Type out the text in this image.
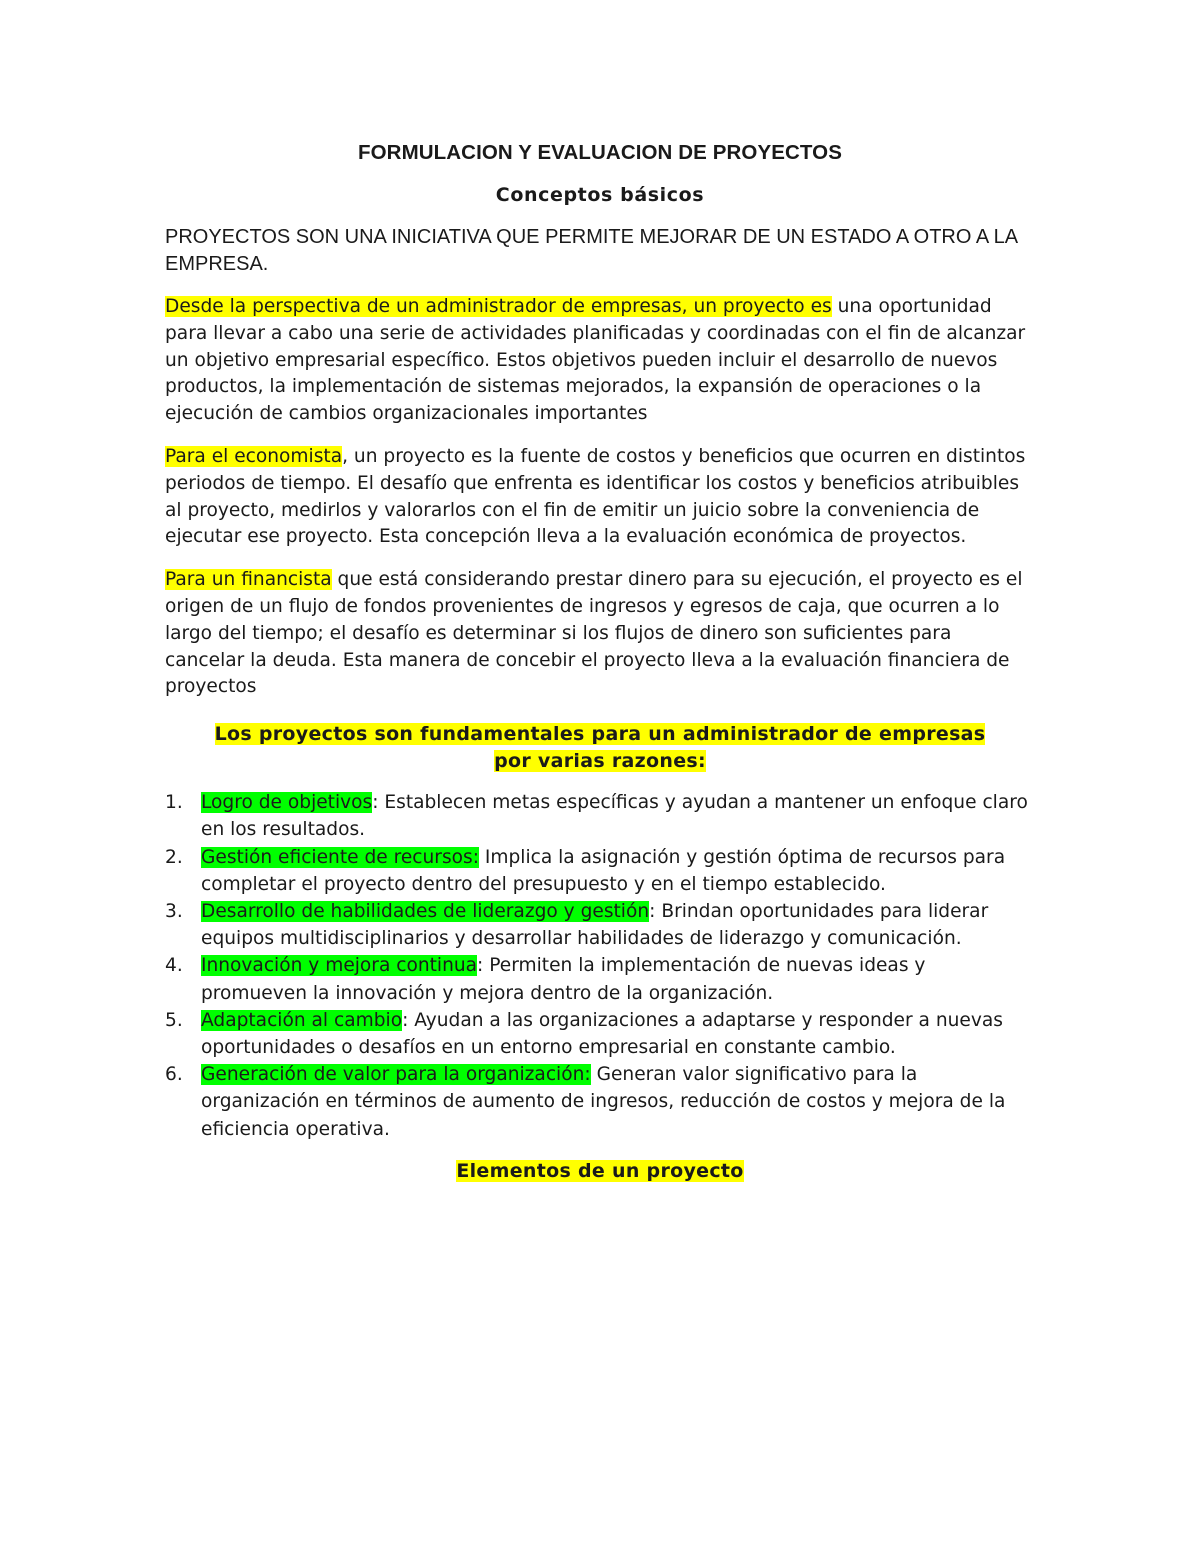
FORMULACION Y EVALUACION DE PROYECTOS
Conceptos básicos

PROYECTOS SON UNA INICIATIVA QUE PERMITE MEJORAR DE UN ESTADO A OTRO A LA EMPRESA.

Desde la perspectiva de un administrador de empresas, un proyecto es una oportunidad para llevar a cabo una serie de actividades planificadas y coordinadas con el fin de alcanzar un objetivo empresarial específico. Estos objetivos pueden incluir el desarrollo de nuevos productos, la implementación de sistemas mejorados, la expansión de operaciones o la ejecución de cambios organizacionales importantes

Para el economista, un proyecto es la fuente de costos y beneficios que ocurren en distintos periodos de tiempo. El desafío que enfrenta es identificar los costos y beneficios atribuibles al proyecto, medirlos y valorarlos con el fin de emitir un juicio sobre la conveniencia de ejecutar ese proyecto. Esta concepción lleva a la evaluación económica de proyectos.

Para un financista que está considerando prestar dinero para su ejecución, el proyecto es el origen de un flujo de fondos provenientes de ingresos y egresos de caja, que ocurren a lo largo del tiempo; el desafío es determinar si los flujos de dinero son suficientes para cancelar la deuda. Esta manera de concebir el proyecto lleva a la evaluación financiera de proyectos

Los proyectos son fundamentales para un administrador de empresas
por varias razones:

1. Logro de objetivos: Establecen metas específicas y ayudan a mantener un enfoque claro en los resultados.
2. Gestión eficiente de recursos: Implica la asignación y gestión óptima de recursos para completar el proyecto dentro del presupuesto y en el tiempo establecido.
3. Desarrollo de habilidades de liderazgo y gestión: Brindan oportunidades para liderar equipos multidisciplinarios y desarrollar habilidades de liderazgo y comunicación.
4. Innovación y mejora continua: Permiten la implementación de nuevas ideas y promueven la innovación y mejora dentro de la organización.
5. Adaptación al cambio: Ayudan a las organizaciones a adaptarse y responder a nuevas oportunidades o desafíos en un entorno empresarial en constante cambio.
6. Generación de valor para la organización: Generan valor significativo para la organización en términos de aumento de ingresos, reducción de costos y mejora de la eficiencia operativa.

Elementos de un proyecto
